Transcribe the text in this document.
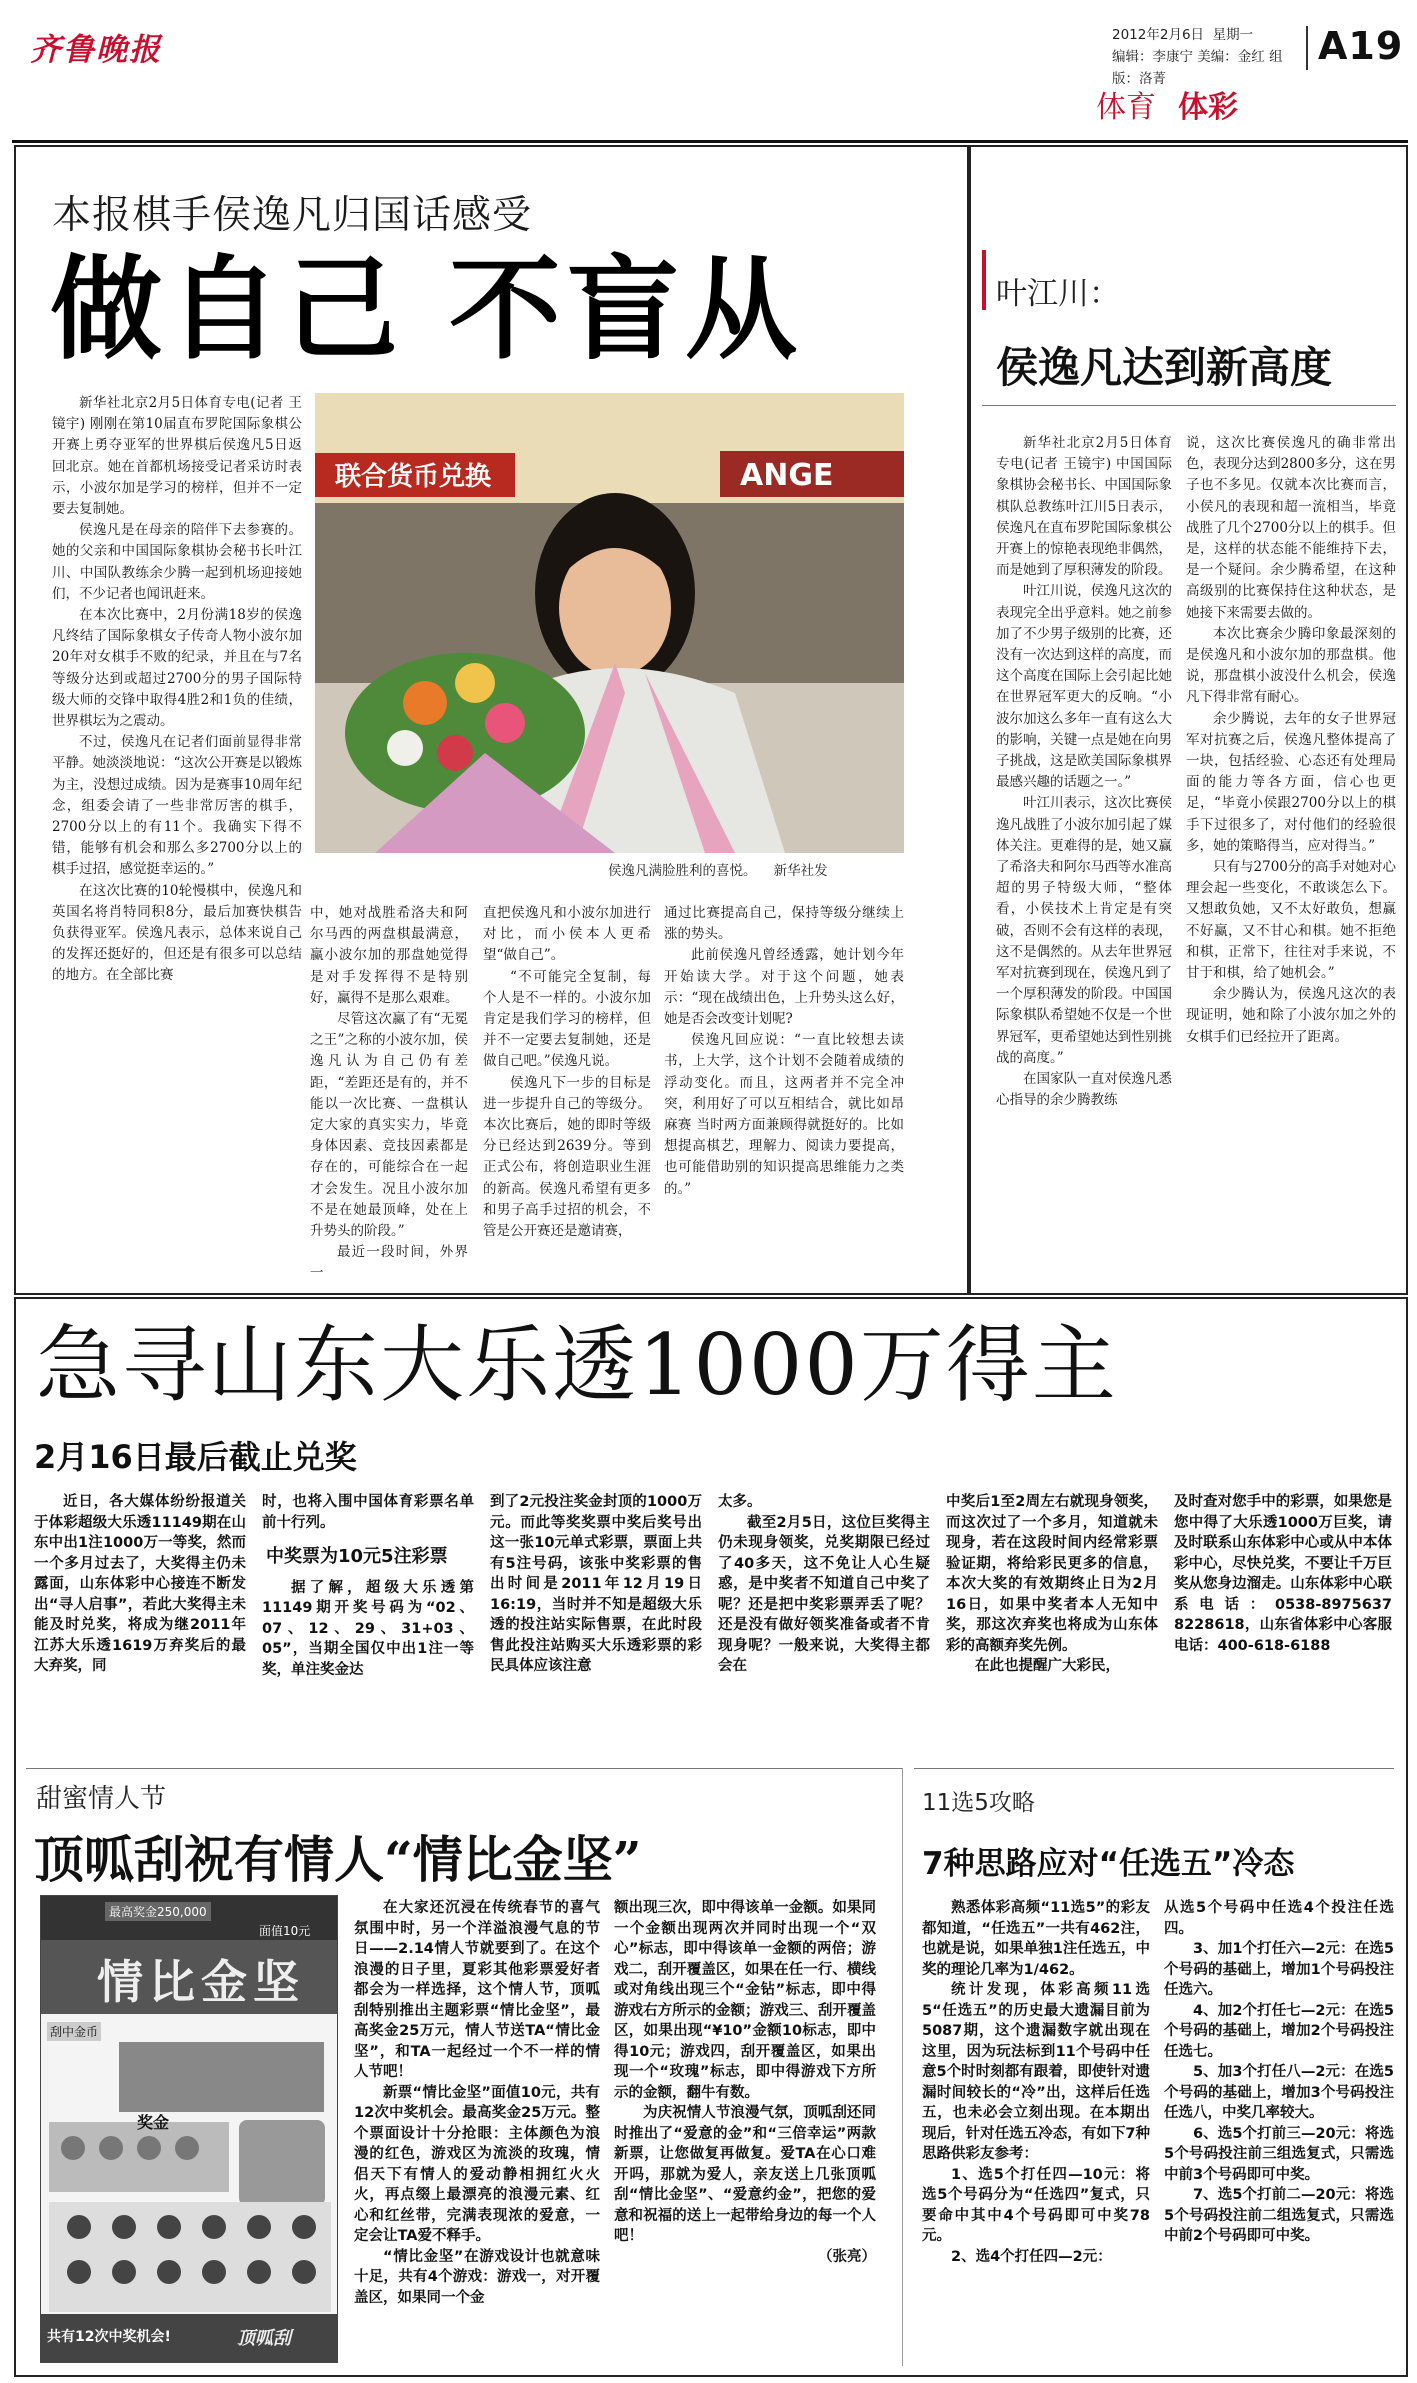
齐鲁晚报	2012年2月6日 星期一
编辑：李康宁 美编：金红 组版：洛菁
A19
体育 体彩
本报棋手侯逸凡归国话感受
做自己 不盲从
联合货币兑换	ANGE
侯逸凡满脸胜利的喜悦。 新华社发

新华社北京2月5日体育专电(记者 王镜宇) 刚刚在第10届直布罗陀国际象棋公开赛上勇夺亚军的世界棋后侯逸凡5日返回北京。她在首都机场接受记者采访时表示，小波尔加是学习的榜样，但并不一定要去复制她。

侯逸凡是在母亲的陪伴下去参赛的。她的父亲和中国国际象棋协会秘书长叶江川、中国队教练余少腾一起到机场迎接她们，不少记者也闻讯赶来。

在本次比赛中，2月份满18岁的侯逸凡终结了国际象棋女子传奇人物小波尔加20年对女棋手不败的纪录，并且在与7名等级分达到或超过2700分的男子国际特级大师的交锋中取得4胜2和1负的佳绩，世界棋坛为之震动。

不过，侯逸凡在记者们面前显得非常平静。她淡淡地说：“这次公开赛是以锻炼为主，没想过成绩。因为是赛事10周年纪念，组委会请了一些非常厉害的棋手，2700分以上的有11个。我确实下得不错，能够有机会和那么多2700分以上的棋手过招，感觉挺幸运的。”

在这次比赛的10轮慢棋中，侯逸凡和英国名将肖特同积8分，最后加赛快棋告负获得亚军。侯逸凡表示，总体来说自己的发挥还挺好的，但还是有很多可以总结的地方。在全部比赛

中，她对战胜希洛夫和阿尔马西的两盘棋最满意，赢小波尔加的那盘她觉得是对手发挥得不是特别好，赢得不是那么艰难。

尽管这次赢了有“无冕之王”之称的小波尔加，侯逸凡认为自己仍有差距，“差距还是有的，并不能以一次比赛、一盘棋认定大家的真实实力，毕竟身体因素、竞技因素都是存在的，可能综合在一起才会发生。况且小波尔加不是在她最顶峰，处在上升势头的阶段。”

最近一段时间，外界一

直把侯逸凡和小波尔加进行对比，而小侯本人更希望“做自己”。

“不可能完全复制，每个人是不一样的。小波尔加肯定是我们学习的榜样，但并不一定要去复制她，还是做自己吧。”侯逸凡说。

侯逸凡下一步的目标是进一步提升自己的等级分。本次比赛后，她的即时等级分已经达到2639分。等到正式公布，将创造职业生涯的新高。侯逸凡希望有更多和男子高手过招的机会，不管是公开赛还是邀请赛，

通过比赛提高自己，保持等级分继续上涨的势头。

此前侯逸凡曾经透露，她计划今年开始读大学。对于这个问题，她表示：“现在战绩出色，上升势头这么好，她是否会改变计划呢?

侯逸凡回应说：“一直比较想去读书，上大学，这个计划不会随着成绩的浮动变化。而且，这两者并不完全冲突，利用好了可以互相结合，就比如昂麻赛 当时两方面兼顾得就挺好的。比如想提高棋艺，理解力、阅读力要提高，也可能借助别的知识提高思维能力之类的。”

叶江川：
侯逸凡达到新高度

新华社北京2月5日体育专电(记者 王镜宇) 中国国际象棋协会秘书长、中国国际象棋队总教练叶江川5日表示，侯逸凡在直布罗陀国际象棋公开赛上的惊艳表现绝非偶然，而是她到了厚积薄发的阶段。

叶江川说，侯逸凡这次的表现完全出乎意料。她之前参加了不少男子级别的比赛，还没有一次达到这样的高度，而这个高度在国际上会引起比她在世界冠军更大的反响。“小波尔加这么多年一直有这么大的影响，关键一点是她在向男子挑战，这是欧美国际象棋界最感兴趣的话题之一。”

叶江川表示，这次比赛侯逸凡战胜了小波尔加引起了媒体关注。更难得的是，她又赢了希洛夫和阿尔马西等水准高超的男子特级大师，“整体看，小侯技术上肯定是有突破，否则不会有这样的表现，这不是偶然的。从去年世界冠军对抗赛到现在，侯逸凡到了一个厚积薄发的阶段。中国国际象棋队希望她不仅是一个世界冠军，更希望她达到性别挑战的高度。”

在国家队一直对侯逸凡悉心指导的余少腾教练

说，这次比赛侯逸凡的确非常出色，表现分达到2800多分，这在男子也不多见。仅就本次比赛而言，小侯凡的表现和超一流相当，毕竟战胜了几个2700分以上的棋手。但是，这样的状态能不能维持下去，是一个疑问。余少腾希望，在这种高级别的比赛保持住这种状态，是她接下来需要去做的。

本次比赛余少腾印象最深刻的是侯逸凡和小波尔加的那盘棋。他说，那盘棋小波没什么机会，侯逸凡下得非常有耐心。

余少腾说，去年的女子世界冠军对抗赛之后，侯逸凡整体提高了一块，包括经验、心态还有处理局面的能力等各方面，信心也更足，“毕竟小侯跟2700分以上的棋手下过很多了，对付他们的经验很多，她的策略得当，应对得当。”

只有与2700分的高手对她对心理会起一些变化，不敢谈怎么下。又想敢负她，又不太好敢负，想赢不好赢，又不甘心和棋。她不拒绝和棋，正常下，往往对手来说，不甘于和棋，给了她机会。”

余少腾认为，侯逸凡这次的表现证明，她和除了小波尔加之外的女棋手们已经拉开了距离。

急寻山东大乐透1000万得主
2月16日最后截止兑奖

近日，各大媒体纷纷报道关于体彩超级大乐透11149期在山东中出1注1000万一等奖，然而一个多月过去了，大奖得主仍未露面，山东体彩中心接连不断发出“寻人启事”，若此大奖得主未能及时兑奖，将成为继2011年江苏大乐透1619万弃奖后的最大弃奖，同

时，也将入围中国体育彩票名单前十行列。

中奖票为10元5注彩票

据了解，超级大乐透第11149期开奖号码为“02、07、12、29、31+03、05”，当期全国仅中出1注一等奖，单注奖金达

到了2元投注奖金封顶的1000万元。而此等奖奖票中奖后奖号出这一张10元单式彩票，票面上共有5注号码，该张中奖彩票的售出时间是2011年12月19日16:19，当时并不知是超级大乐透的投注站实际售票，在此时段售此投注站购买大乐透彩票的彩民具体应该注意

太多。

截至2月5日，这位巨奖得主仍未现身领奖，兑奖期限已经过了40多天，这不免让人心生疑惑，是中奖者不知道自己中奖了呢？还是把中奖彩票弄丢了呢？还是没有做好领奖准备或者不肯现身呢？一般来说，大奖得主都会在

中奖后1至2周左右就现身领奖，而这次过了一个多月，知道就未现身，若在这段时间内经常彩票验证期，将给彩民更多的信息，本次大奖的有效期终止日为2月16日，如果中奖者本人无知中奖，那这次弃奖也将成为山东体彩的高额弃奖先例。

在此也提醒广大彩民，

及时查对您手中的彩票，如果您是您中得了大乐透1000万巨奖，请及时联系山东体彩中心或从中本体彩中心，尽快兑奖，不要让千万巨奖从您身边溜走。山东体彩中心联系电话：0538-8975637 8228618，山东省体彩中心客服电话：400-618-6188

甜蜜情人节
顶呱刮祝有情人“情比金坚”
最高奖金250,000
面值10元
情比金坚
刮中金币
奖金
共有12次中奖机会!	顶呱刮

在大家还沉浸在传统春节的喜气氛围中时，另一个洋溢浪漫气息的节日——2.14情人节就要到了。在这个浪漫的日子里，夏彩其他彩票爱好者都会为一样选择，这个情人节，顶呱刮特别推出主题彩票“情比金坚”，最高奖金25万元，情人节送TA“情比金坚”，和TA一起经过一个不一样的情人节吧！

新票“情比金坚”面值10元，共有12次中奖机会。最高奖金25万元。整个票面设计十分抢眼：主体颜色为浪漫的红色，游戏区为流淡的玫瑰，情侣天下有情人的爱动静相拥红火火火，再点缀上最漂亮的浪漫元素、红心和红丝带，完满表现浓的爱意，一定会让TA爱不释手。

“情比金坚”在游戏设计也就意味十足，共有4个游戏：游戏一，对开覆盖区，如果同一个金

额出现三次，即中得该单一金额。如果同一个金额出现两次并同时出现一个“双心”标志，即中得该单一金额的两倍；游戏二，刮开覆盖区，如果在任一行、横线或对角线出现三个“金钻”标志，即中得游戏右方所示的金额；游戏三、刮开覆盖区，如果出现“¥10”金额10标志，即中得10元；游戏四，刮开覆盖区，如果出现一个“玫瑰”标志，即中得游戏下方所示的金额，翻牛有数。

为庆祝情人节浪漫气氛，顶呱刮还同时推出了“爱意的金”和“三倍幸运”两款新票，让您做复再做复。爱TA在心口难开吗，那就为爱人，亲友送上几张顶呱刮“情比金坚”、“爱意约金”，把您的爱意和祝福的送上一起带给身边的每一个人吧！

（张亮）
11选5攻略
7种思路应对“任选五”冷态

熟悉体彩高频“11选5”的彩友都知道，“任选五”一共有462注，也就是说，如果单独1注任选五，中奖的理论几率为1/462。

统计发现，体彩高频11选5“任选五”的历史最大遗漏目前为5087期，这个遗漏数字就出现在这里，因为玩法标到11个号码中任意5个时时刻都有跟着，即使针对遗漏时间较长的“冷”出，这样后任选五，也未必会立刻出现。在本期出现后，针对任选五冷态，有如下7种思路供彩友参考：

1、选5个打任四—10元：将选5个号码分为“任选四”复式，只要命中其中4个号码即可中奖78元。

2、选4个打任四—2元：

从选5个号码中任选4个投注任选四。

3、加1个打任六—2元：在选5个号码的基础上，增加1个号码投注任选六。

4、加2个打任七—2元：在选5个号码的基础上，增加2个号码投注任选七。

5、加3个打任八—2元：在选5个号码的基础上，增加3个号码投注任选八，中奖几率较大。

6、选5个打前三—20元：将选5个号码投注前三组选复式，只需选中前3个号码即可中奖。

7、选5个打前二—20元：将选5个号码投注前二组选复式，只需选中前2个号码即可中奖。
